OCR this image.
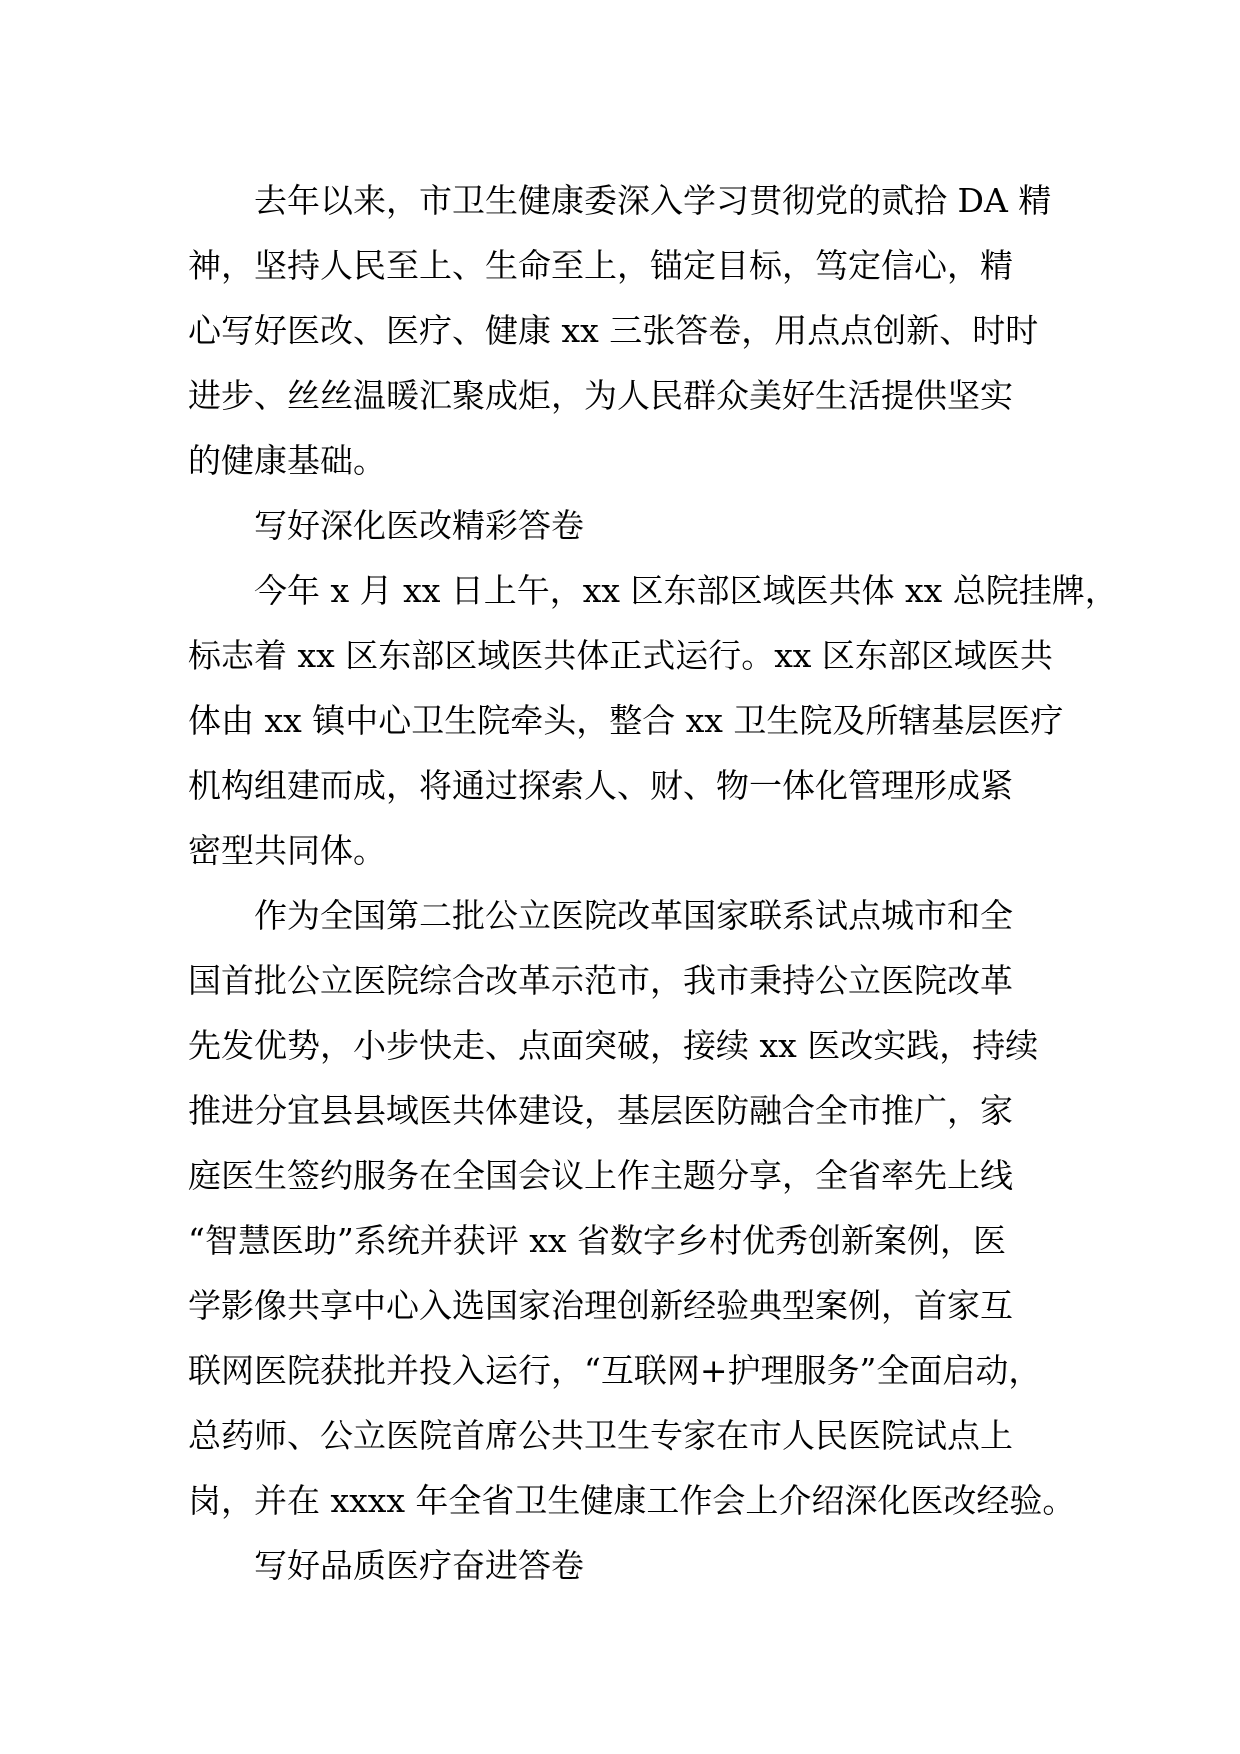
去年以来，市卫生健康委深入学习贯彻党的贰拾 DA 精
神，坚持人民至上、生命至上，锚定目标，笃定信心，精
心写好医改、医疗、健康 xx 三张答卷，用点点创新、时时
进步、丝丝温暖汇聚成炬，为人民群众美好生活提供坚实
的健康基础。
写好深化医改精彩答卷
今年 x 月 xx 日上午，xx 区东部区域医共体 xx 总院挂牌，
标志着 xx 区东部区域医共体正式运行。xx 区东部区域医共
体由 xx 镇中心卫生院牵头，整合 xx 卫生院及所辖基层医疗
机构组建而成，将通过探索人、财、物一体化管理形成紧
密型共同体。
作为全国第二批公立医院改革国家联系试点城市和全
国首批公立医院综合改革示范市，我市秉持公立医院改革
先发优势，小步快走、点面突破，接续 xx 医改实践，持续
推进分宜县县域医共体建设，基层医防融合全市推广，家
庭医生签约服务在全国会议上作主题分享，全省率先上线
“智慧医助”系统并获评 xx 省数字乡村优秀创新案例，医
学影像共享中心入选国家治理创新经验典型案例，首家互
联网医院获批并投入运行，“互联网+护理服务”全面启动，
总药师、公立医院首席公共卫生专家在市人民医院试点上
岗，并在 xxxx 年全省卫生健康工作会上介绍深化医改经验。
写好品质医疗奋进答卷
